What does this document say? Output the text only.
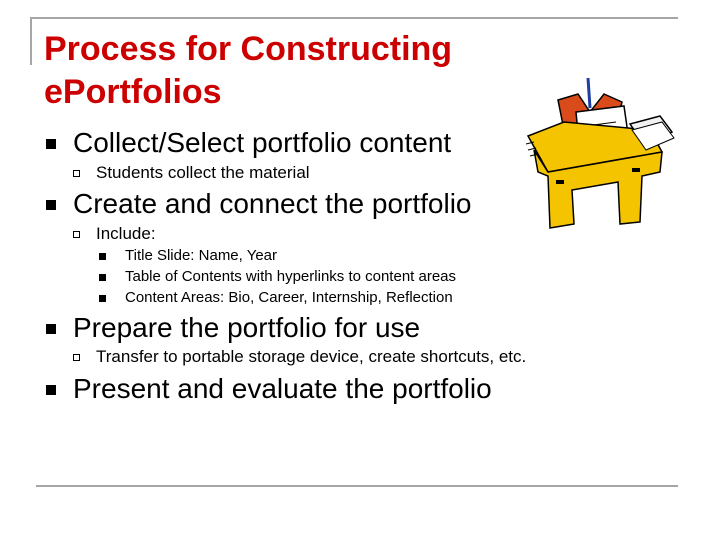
Process for Constructing ePortfolios
Collect/Select portfolio content
Students collect the material
Create and connect the portfolio
Include:
Title Slide: Name, Year
Table of Contents with hyperlinks to content areas
Content Areas: Bio, Career, Internship, Reflection
Prepare the portfolio for use
Transfer to portable storage device, create shortcuts, etc.
Present and evaluate the portfolio
